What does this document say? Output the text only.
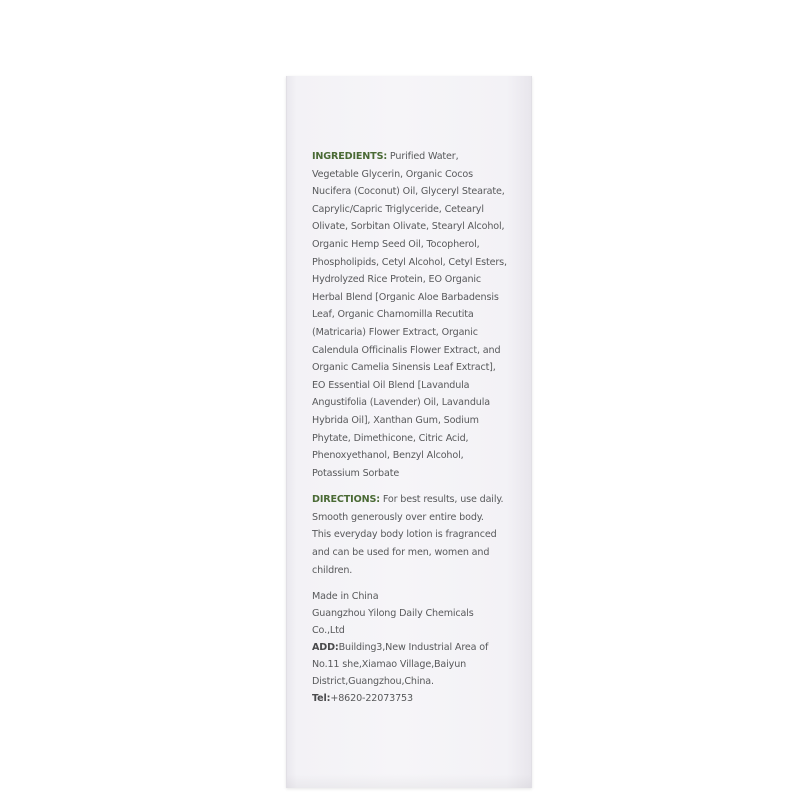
INGREDIENTS: Purified Water, Vegetable Glycerin, Organic Cocos Nucifera (Coconut) Oil, Glyceryl Stearate, Caprylic/Capric Triglyceride, Cetearyl Olivate, Sorbitan Olivate, Stearyl Alcohol, Organic Hemp Seed Oil, Tocopherol, Phospholipids, Cetyl Alcohol, Cetyl Esters, Hydrolyzed Rice Protein, EO Organic Herbal Blend [Organic Aloe Barbadensis Leaf, Organic Chamomilla Recutita (Matricaria) Flower Extract, Organic Calendula Officinalis Flower Extract, and Organic Camelia Sinensis Leaf Extract], EO Essential Oil Blend [Lavandula Angustifolia (Lavender) Oil, Lavandula Hybrida Oil], Xanthan Gum, Sodium Phytate, Dimethicone, Citric Acid, Phenoxyethanol, Benzyl Alcohol, Potassium Sorbate

DIRECTIONS: For best results, use daily. Smooth generously over entire body.

This everyday body lotion is fragranced and can be used for men, women and children.

Made in China
Guangzhou Yilong Daily Chemicals Co.,Ltd
ADD:Building3,New Industrial Area of No.11 she,Xiamao Village,Baiyun District,Guangzhou,China.
Tel:+8620-22073753
